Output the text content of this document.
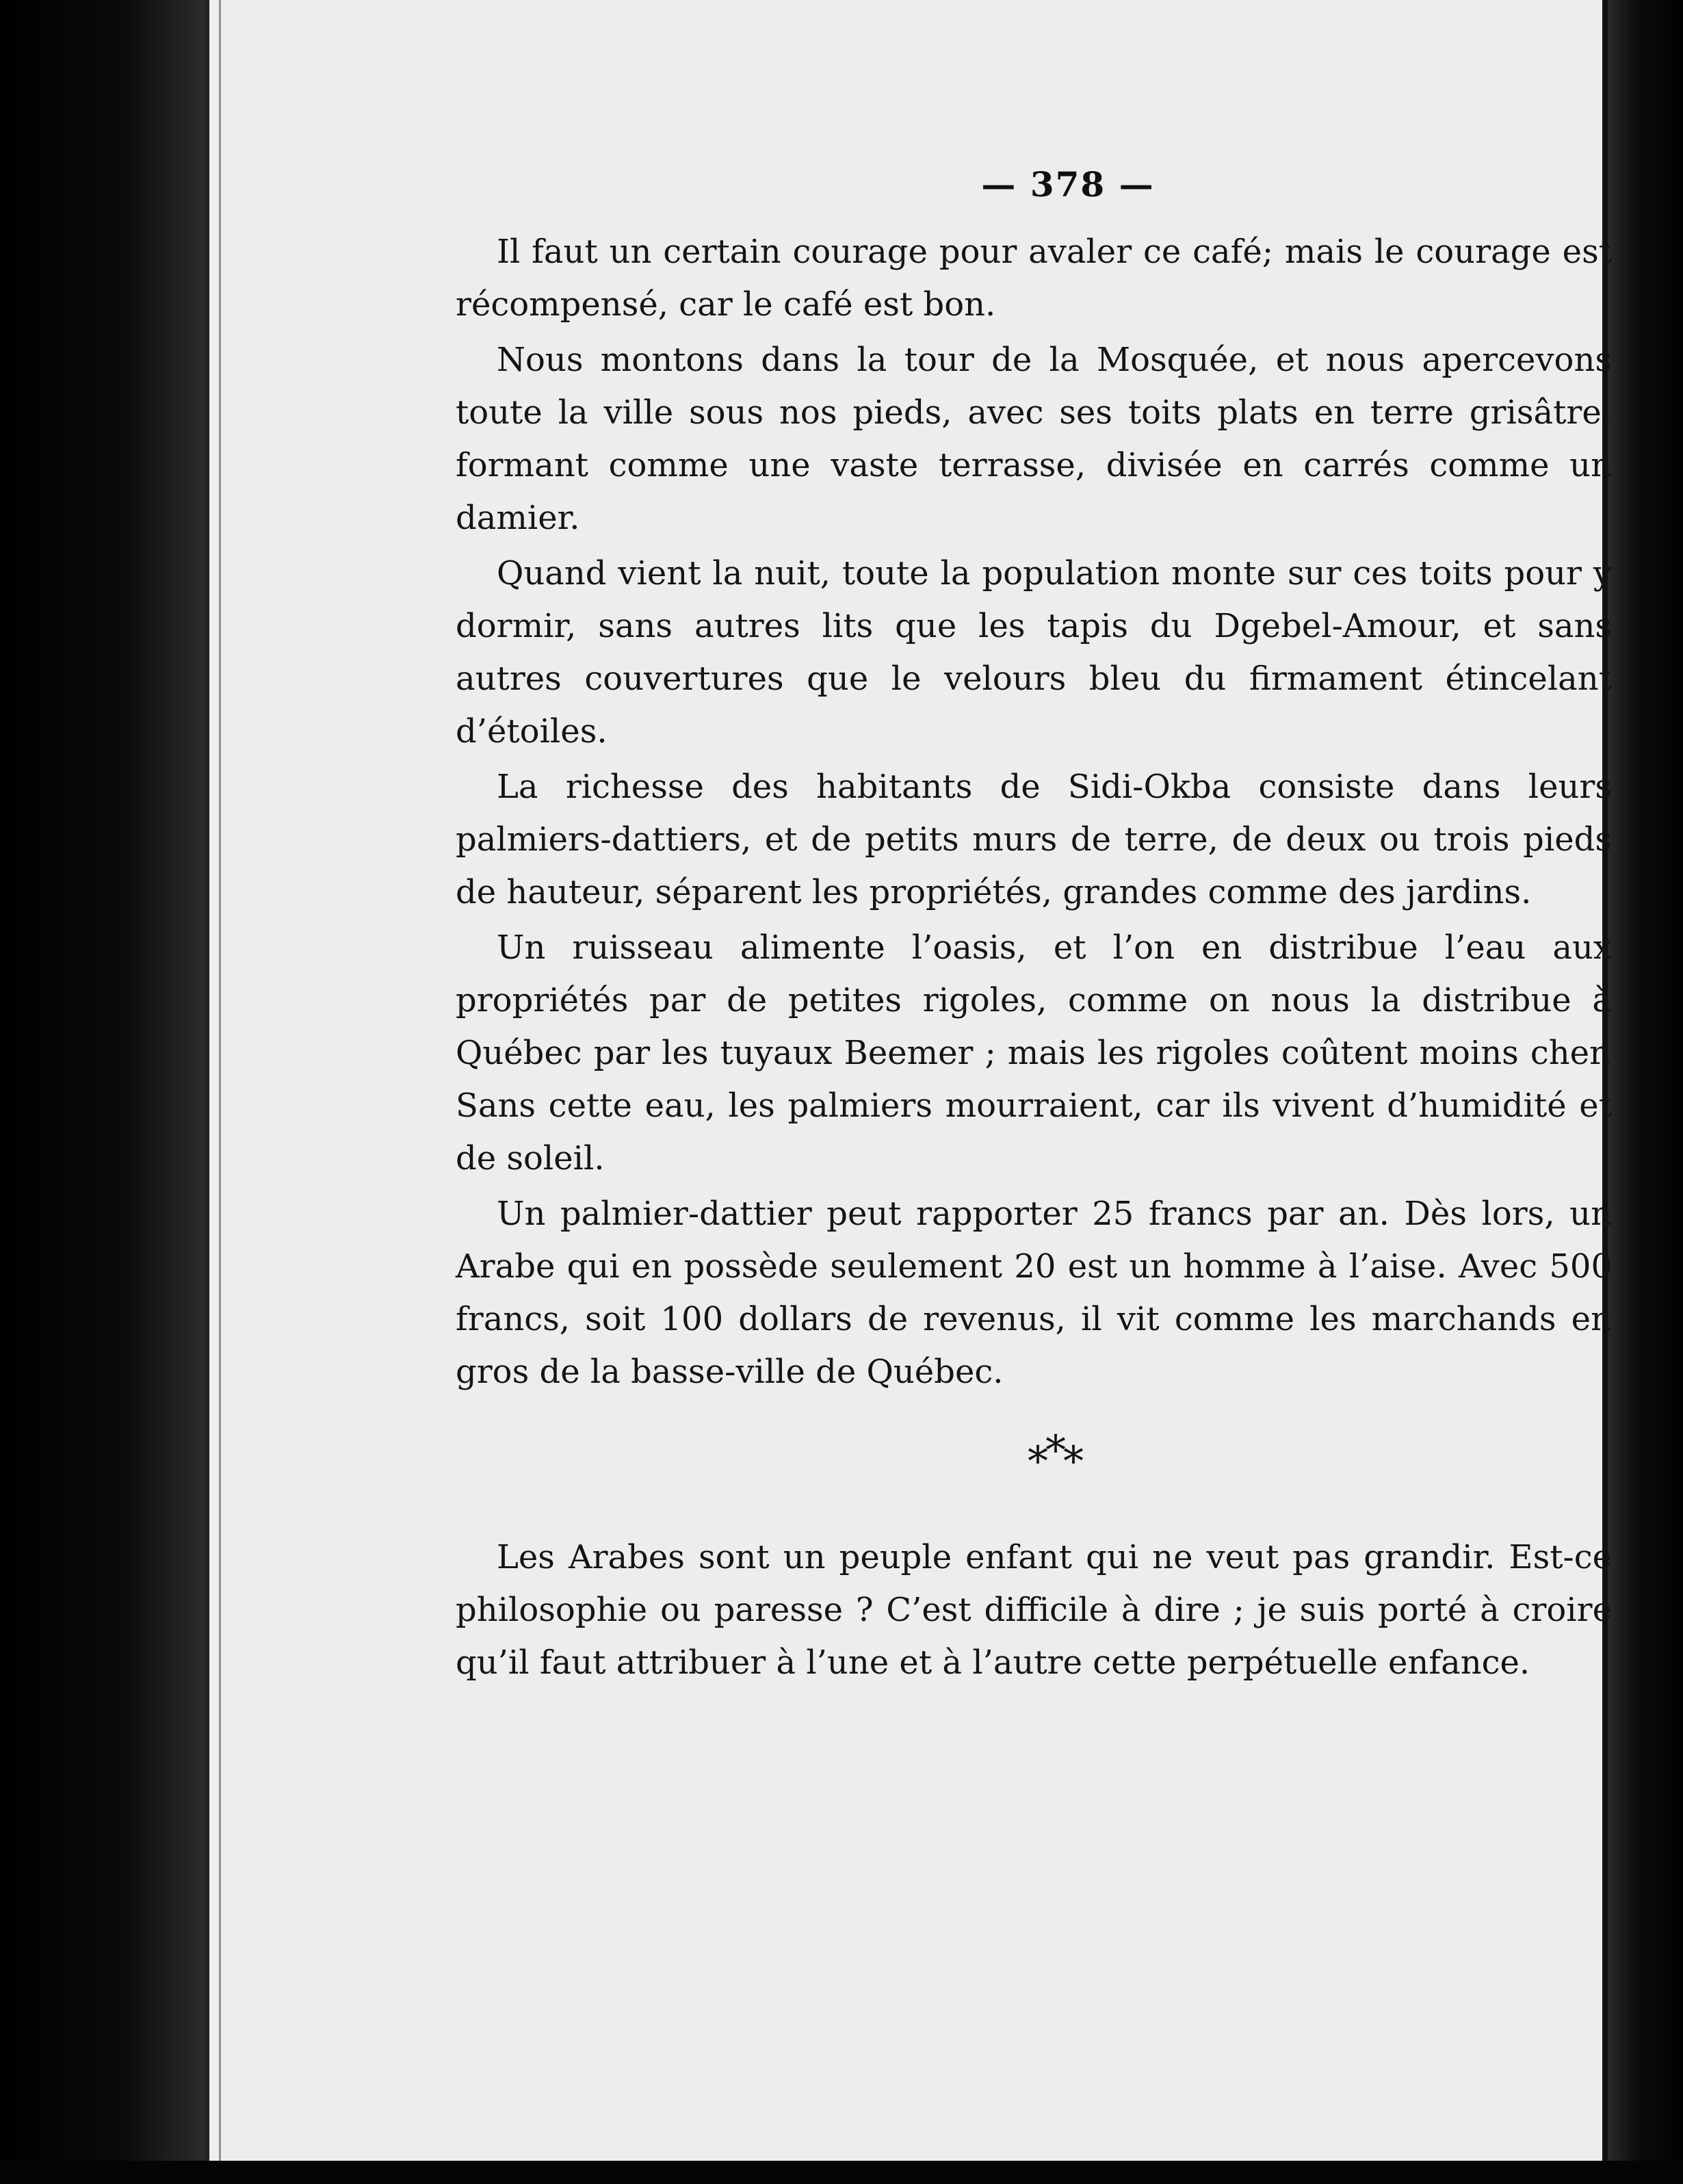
— 378 —

Il faut un certain courage pour avaler ce café; mais le courage est récompensé, car le café est bon.

Nous montons dans la tour de la Mosquée, et nous apercevons toute la ville sous nos pieds, avec ses toits plats en terre grisâtre, formant comme une vaste terrasse, divisée en carrés comme un damier.

Quand vient la nuit, toute la population monte sur ces toits pour y dormir, sans autres lits que les tapis du Dgebel-Amour, et sans autres couvertures que le velours bleu du firmament étincelant d’étoiles.

La richesse des habitants de Sidi-Okba consiste dans leurs palmiers-dattiers, et de petits murs de terre, de deux ou trois pieds de hauteur, séparent les propriétés, grandes comme des jardins.

Un ruisseau alimente l’oasis, et l’on en distribue l’eau aux propriétés par de petites rigoles, comme on nous la distribue à Québec par les tuyaux Beemer ; mais les rigoles coûtent moins cher. Sans cette eau, les palmiers mourraient, car ils vivent d’humidité et de soleil.

Un palmier-dattier peut rapporter 25 francs par an. Dès lors, un Arabe qui en possède seulement 20 est un homme à l’aise. Avec 500 francs, soit 100 dollars de revenus, il vit comme les marchands en gros de la basse-ville de Québec.

***

Les Arabes sont un peuple enfant qui ne veut pas grandir. Est-ce philosophie ou paresse ? C’est difficile à dire ; je suis porté à croire qu’il faut attribuer à l’une et à l’autre cette perpétuelle enfance.
